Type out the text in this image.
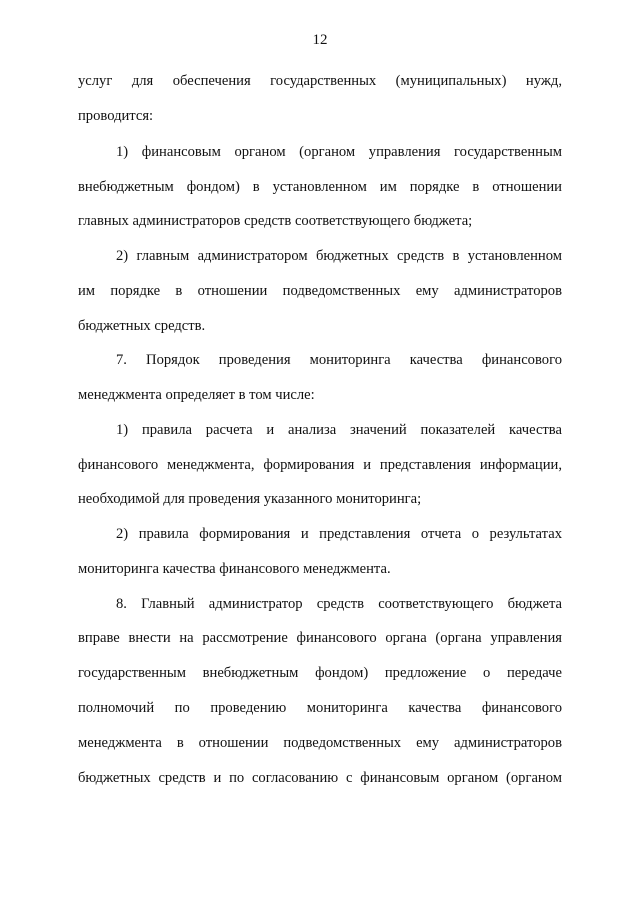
12
услуг для обеспечения государственных (муниципальных) нужд,
проводится:
1) финансовым органом (органом управления государственным
внебюджетным фондом) в установленном им порядке в отношении
главных администраторов средств соответствующего бюджета;
2) главным администратором бюджетных средств в установленном
им порядке в отношении подведомственных ему администраторов
бюджетных средств.
7. Порядок проведения мониторинга качества финансового
менеджмента определяет в том числе:
1) правила расчета и анализа значений показателей качества
финансового менеджмента, формирования и представления информации,
необходимой для проведения указанного мониторинга;
2) правила формирования и представления отчета о результатах
мониторинга качества финансового менеджмента.
8. Главный администратор средств соответствующего бюджета
вправе внести на рассмотрение финансового органа (органа управления
государственным внебюджетным фондом) предложение о передаче
полномочий по проведению мониторинга качества финансового
менеджмента в отношении подведомственных ему администраторов
бюджетных средств и по согласованию с финансовым органом (органом
